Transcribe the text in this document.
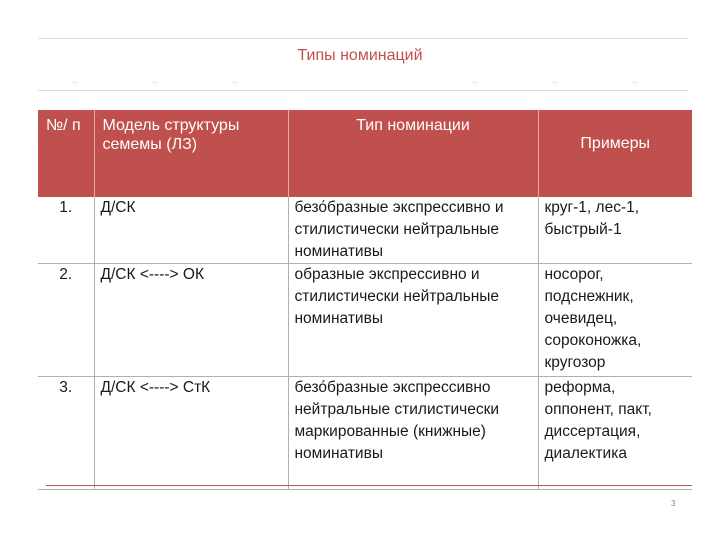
⌄	⌄	⌄	⌄	⌄	⌄
Типы номинаций
№/ п	Модель структуры семемы (ЛЗ)	Тип номинации	Примеры
1.	Д/СК	безо́бразные экспрессивно и стилистически нейтральные номинативы	круг-1, лес-1, быстрый-1
2.	Д/СК <----> ОК	образные экспрессивно и стилистически нейтральные номинативы	носорог, подснежник, очевидец, сороконожка, кругозор
3.	Д/СК <----> СтК	безо́бразные экспрессивно нейтральные стилистически маркированные (книжные) номинативы	реформа, оппонент, пакт, диссертация, диалектика
3
